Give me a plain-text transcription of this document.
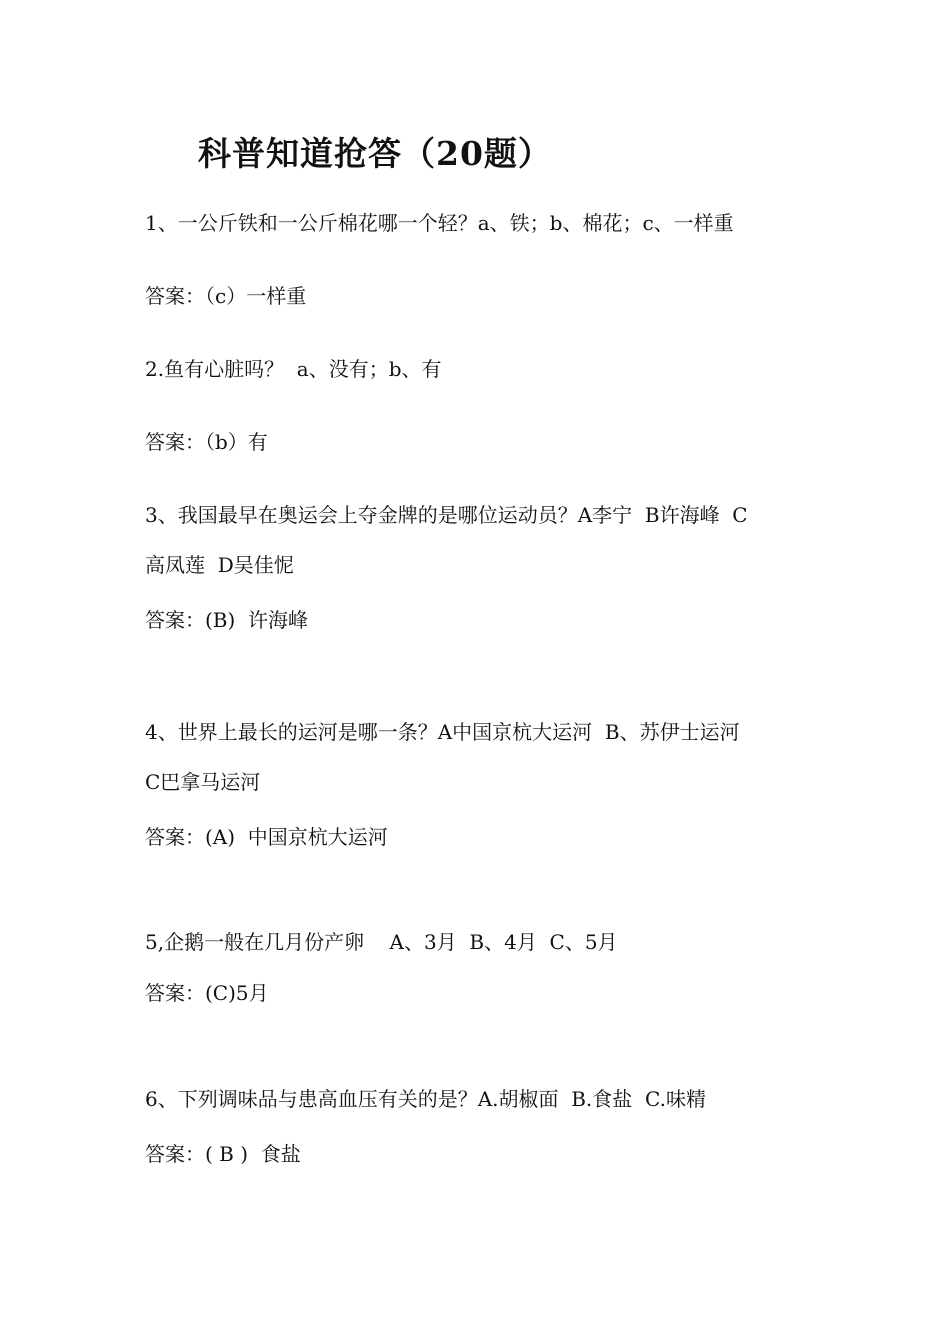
科普知道抢答（20题）
1、一公斤铁和一公斤棉花哪一个轻？a、铁；b、棉花；c、一样重
答案：（c）一样重
2.鱼有心脏吗？  a、没有；b、有
答案：（b）有
3、我国最早在奥运会上夺金牌的是哪位运动员？A李宁  B许海峰  C
高凤莲  D吴佳怩
答案：(B)  许海峰
4、世界上最长的运河是哪一条？A中国京杭大运河  B、苏伊士运河
C巴拿马运河
答案：(A)  中国京杭大运河
5,企鹅一般在几月份产卵    A、3月  B、4月  C、5月
答案：(C)5月
6、下列调味品与患高血压有关的是？A.胡椒面  B.食盐  C.味精
答案：( B )  食盐
